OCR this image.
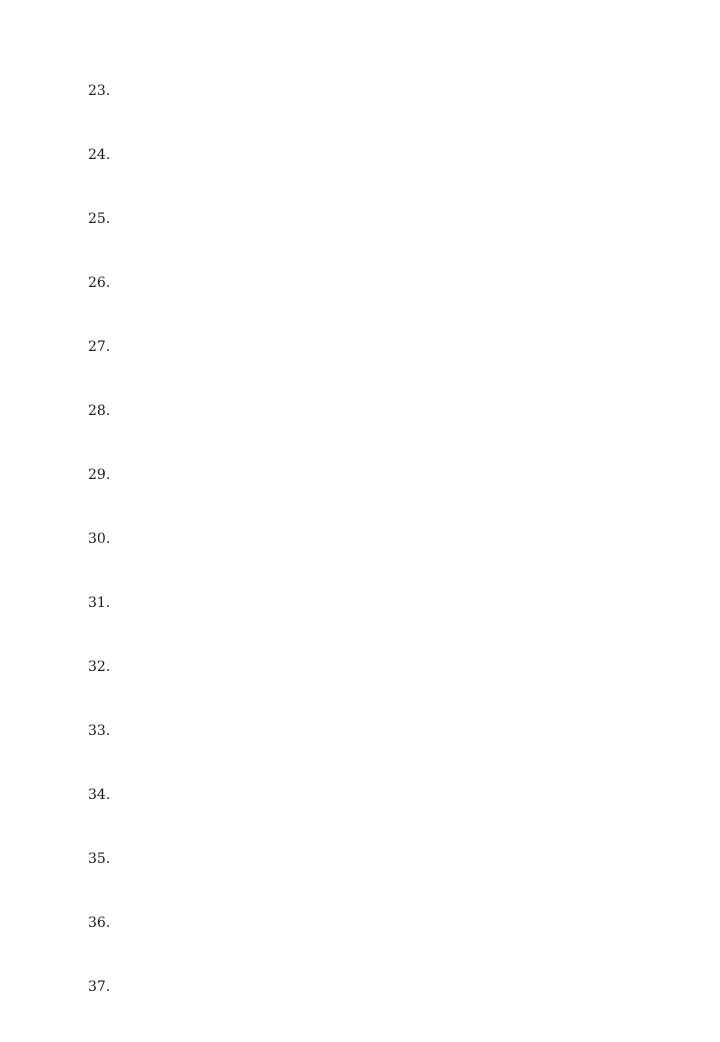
23.
24.
25.
26.
27.
28.
29.
30.
31.
32.
33.
34.
35.
36.
37.
